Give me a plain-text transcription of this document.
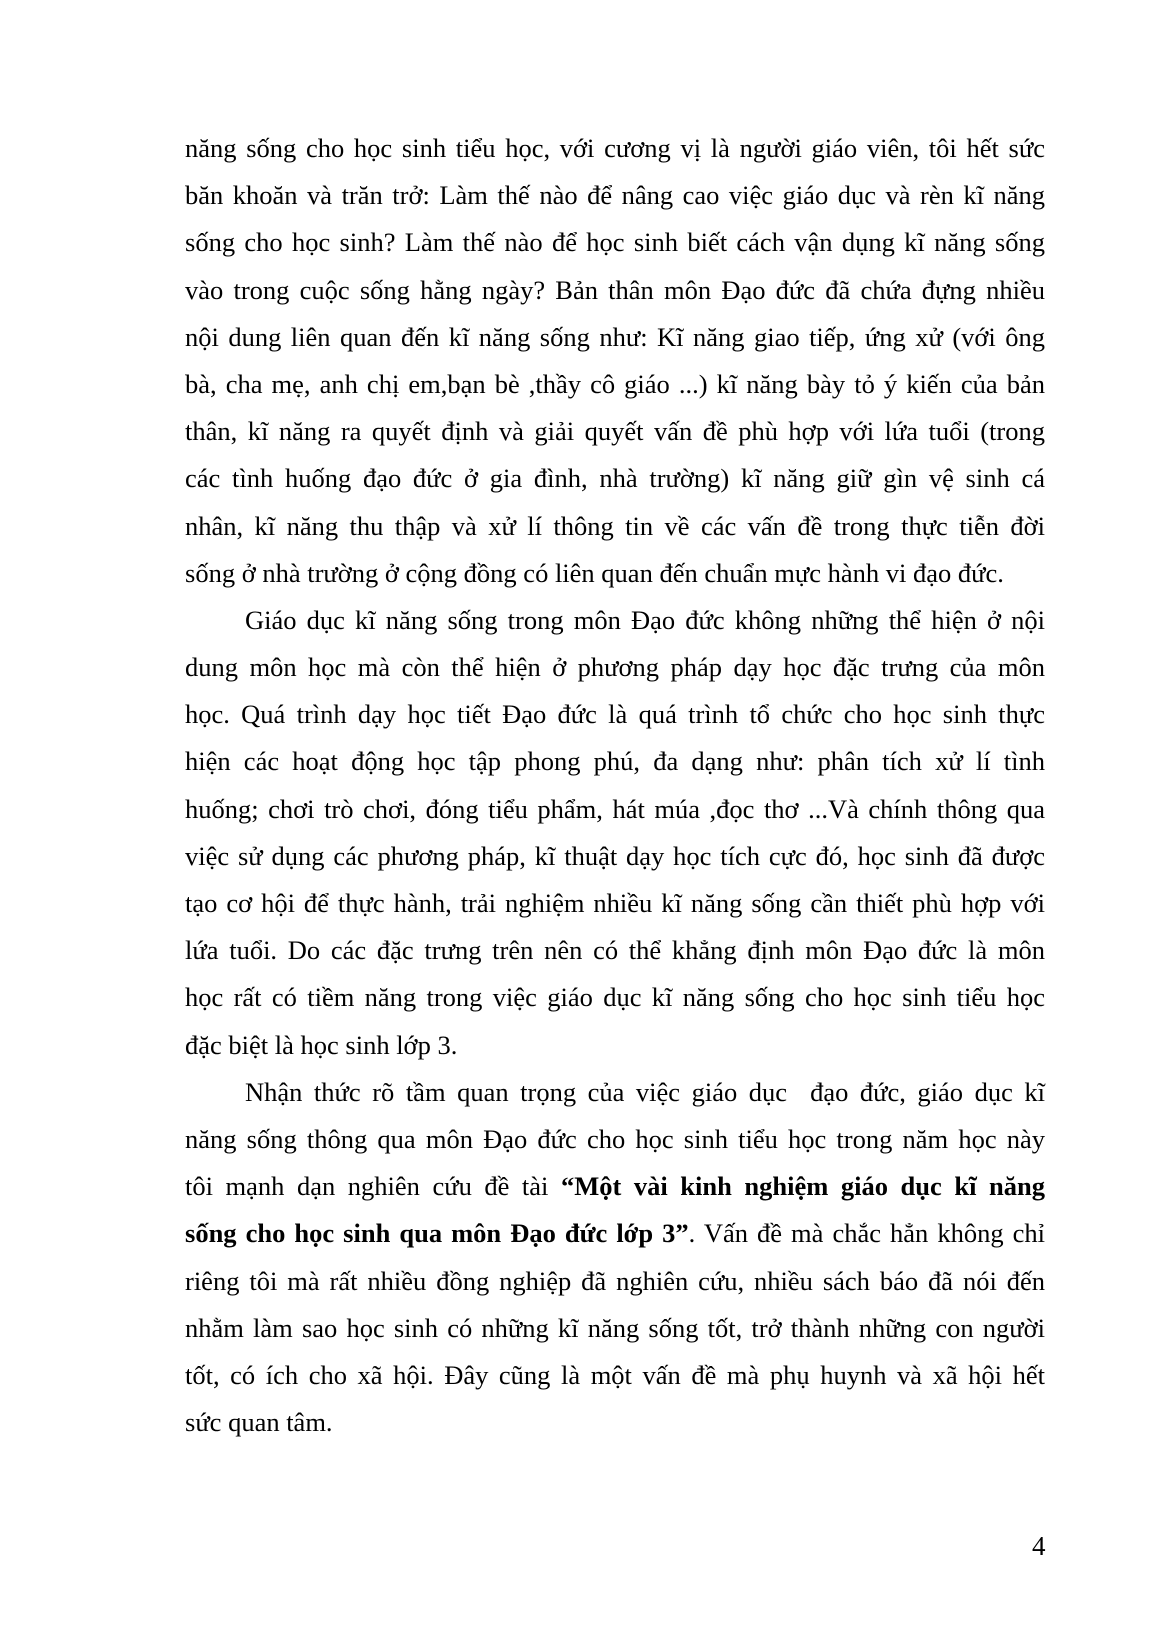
năng sống cho học sinh tiểu học, với cương vị là người giáo viên, tôi hết sức
băn khoăn và trăn trở: Làm thế nào để nâng cao việc giáo dục và rèn kĩ năng
sống cho học sinh? Làm thế nào để học sinh biết cách vận dụng kĩ năng sống
vào trong cuộc sống hằng ngày? Bản thân môn Đạo đức đã chứa đựng nhiều
nội dung liên quan đến kĩ năng sống như: Kĩ năng giao tiếp, ứng xử (với ông
bà, cha mẹ, anh chị em,bạn bè ,thầy cô giáo ...) kĩ năng bày tỏ ý kiến của bản
thân, kĩ năng ra quyết định và giải quyết vấn đề phù hợp với lứa tuổi (trong
các tình huống đạo đức ở gia đình, nhà trường) kĩ năng giữ gìn vệ sinh cá
nhân, kĩ năng thu thập và xử lí thông tin về các vấn đề trong thực tiễn đời
sống ở nhà trường ở cộng đồng có liên quan đến chuẩn mực hành vi đạo đức.
Giáo dục kĩ năng sống trong môn Đạo đức không những thể hiện ở nội
dung môn học mà còn thể hiện ở phương pháp dạy học đặc trưng của môn
học. Quá trình dạy học tiết Đạo đức là quá trình tổ chức cho học sinh thực
hiện các hoạt động học tập phong phú, đa dạng như: phân tích xử lí tình
huống; chơi trò chơi, đóng tiểu phẩm, hát múa ,đọc thơ ...Và chính thông qua
việc sử dụng các phương pháp, kĩ thuật dạy học tích cực đó, học sinh đã được
tạo cơ hội để thực hành, trải nghiệm nhiều kĩ năng sống cần thiết phù hợp với
lứa tuổi. Do các đặc trưng trên nên có thể khẳng định môn Đạo đức là môn
học rất có tiềm năng trong việc giáo dục kĩ năng sống cho học sinh tiểu học
đặc biệt là học sinh lớp 3.
Nhận thức rõ tầm quan trọng của việc giáo dục  đạo đức, giáo dục kĩ
năng sống thông qua môn Đạo đức cho học sinh tiểu học trong năm học này
tôi mạnh dạn nghiên cứu đề tài “Một vài kinh nghiệm giáo dục kĩ năng
sống cho học sinh qua môn Đạo đức lớp 3”. Vấn đề mà chắc hẳn không chỉ
riêng tôi mà rất nhiều đồng nghiệp đã nghiên cứu, nhiều sách báo đã nói đến
nhằm làm sao học sinh có những kĩ năng sống tốt, trở thành những con người
tốt, có ích cho xã hội. Đây cũng là một vấn đề mà phụ huynh và xã hội hết
sức quan tâm.
4
